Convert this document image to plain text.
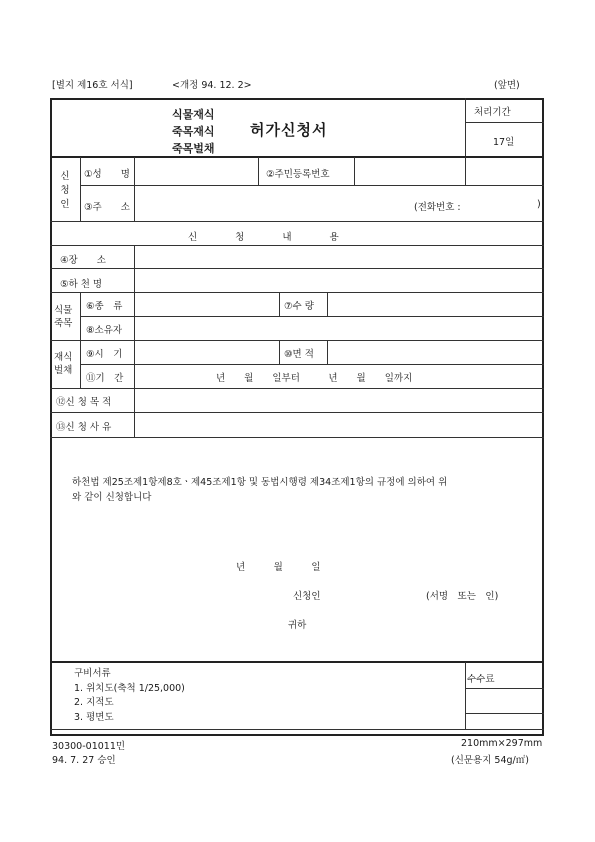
[별지 제16호 서식]	<개정 94. 12. 2>	(앞면)
식물재식
죽목재식
죽목벌채
허가신청서
처리기간
17일
신청인
①성　　명	②주민등록번호
③주　　소	(전화번호 :	)
신　　　　청　　　　내　　　　용
④장　　소
⑤하 천 명
식물
죽목
⑥종　류	⑦수 량
⑧소유자
재식
벌채
⑨시　기	⑩면 적
⑪기　간	년　　월　　일부터　　　년　　월　　일까지
⑫신 청 목 적
⑬신 청 사 유
하천법 제25조제1항제8호ㆍ제45조제1항 및 동법시행령 제34조제1항의 규정에 의하여 위
와 같이 신청합니다
년　　　월　　　일
신청인	(서명　또는　인)
귀하
구비서류
1. 위치도(축척 1/25,000)
2. 지적도
3. 평면도
수수료
30300-01011민
94. 7. 27 승인
210mm×297mm
(신문용지 54g/㎡)
